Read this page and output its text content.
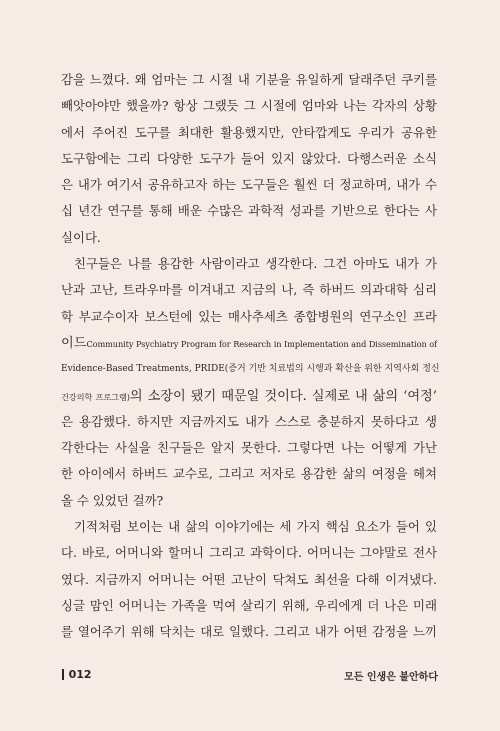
감을 느꼈다. 왜 엄마는 그 시절 내 기분을 유일하게 달래주던 쿠키를
빼앗아야만 했을까? 항상 그랬듯 그 시절에 엄마와 나는 각자의 상황
에서 주어진 도구를 최대한 활용했지만, 안타깝게도 우리가 공유한
도구함에는 그리 다양한 도구가 들어 있지 않았다. 다행스러운 소식
은 내가 여기서 공유하고자 하는 도구들은 훨씬 더 정교하며, 내가 수
십 년간 연구를 통해 배운 수많은 과학적 성과를 기반으로 한다는 사
실이다.
친구들은 나를 용감한 사람이라고 생각한다. 그건 아마도 내가 가
난과 고난, 트라우마를 이겨내고 지금의 나, 즉 하버드 의과대학 심리
학 부교수이자 보스턴에 있는 매사추세츠 종합병원의 연구소인 프라
이드Community Psychiatry Program for Research in Implementation and Dissemination of
Evidence-Based Treatments, PRIDE(증거 기반 치료법의 시행과 확산을 위한 지역사회 정신
건강의학 프로그램)의 소장이 됐기 때문일 것이다. 실제로 내 삶의 ‘여정’
은 용감했다. 하지만 지금까지도 내가 스스로 충분하지 못하다고 생
각한다는 사실을 친구들은 알지 못한다. 그렇다면 나는 어떻게 가난
한 아이에서 하버드 교수로, 그리고 저자로 용감한 삶의 여정을 헤쳐
올 수 있었던 걸까?
기적처럼 보이는 내 삶의 이야기에는 세 가지 핵심 요소가 들어 있
다. 바로, 어머니와 할머니 그리고 과학이다. 어머니는 그야말로 전사
였다. 지금까지 어머니는 어떤 고난이 닥쳐도 최선을 다해 이겨냈다.
싱글 맘인 어머니는 가족을 먹여 살리기 위해, 우리에게 더 나은 미래
를 열어주기 위해 닥치는 대로 일했다. 그리고 내가 어떤 감정을 느끼
012	모든 인생은 불안하다
